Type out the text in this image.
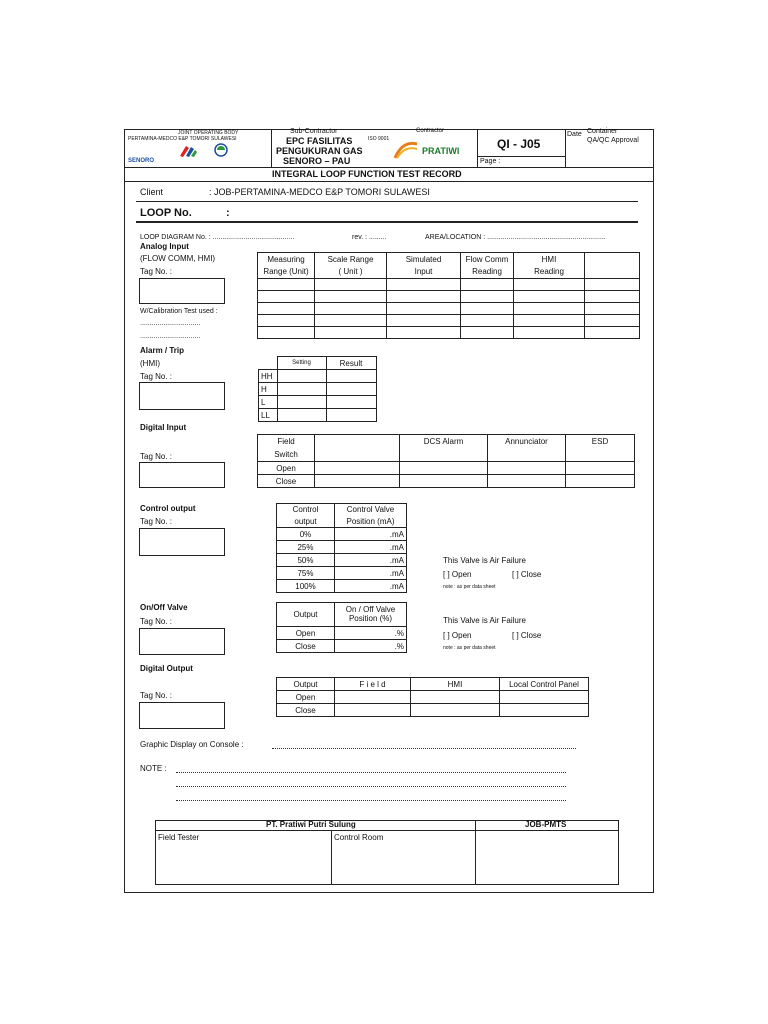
JOINT OPERATING BODY
PERTAMINA-MEDCO E&P TOMORI SULAWESI
SENORO
Sub-Contractor
EPC FASILITAS
PENGUKURAN GAS
SENORO – PAU
ISO 9001
Contractor
PRATIWI	QI - J05
Page :
Date Container
QA/QC Approval
INTEGRAL LOOP FUNCTION TEST RECORD
Client	: JOB-PERTAMINA-MEDCO E&P TOMORI SULAWESI
LOOP No.	:
LOOP DIAGRAM No. : ..........................................	rev. : .........	AREA/LOCATION : .............................................................
Analog Input
(FLOW COMM, HMI)
Tag No. :
W/Calibration Test used :
...............................
...............................
Measuring	Scale Range	Simulated	Flow Comm	HMI	
Range (Unit)	( Unit )	Input	Reading	Reading	

Alarm / Trip
(HMI)
Tag No. :
	Setting	Result
HH		
H		
L		
LL		
Digital Input
Tag No. :
Field		DCS Alarm	Annunciator	ESD
Switch				
Open				
Close				
Control output
Tag No. :
Control	Control Valve
output	Position (mA)
0%	.mA
25%	.mA
50%	.mA
75%	.mA
100%	.mA
This Valve is Air Failure
[ ] Open	[ ] Close
note : as per data sheet
On/Off Valve
Tag No. :
Output	On / Off Valve
Position (%)
Open	.%
Close	.%
This Valve is Air Failure
[ ] Open	[ ] Close
note : as per data sheet
Digital Output
Tag No. :
Output	F i e l d	HMI	Local Control Panel
Open			
Close			
Graphic Display on Console :
NOTE :
PT. Pratiwi Putri Sulung	JOB-PMTS
Field Tester	Control Room
